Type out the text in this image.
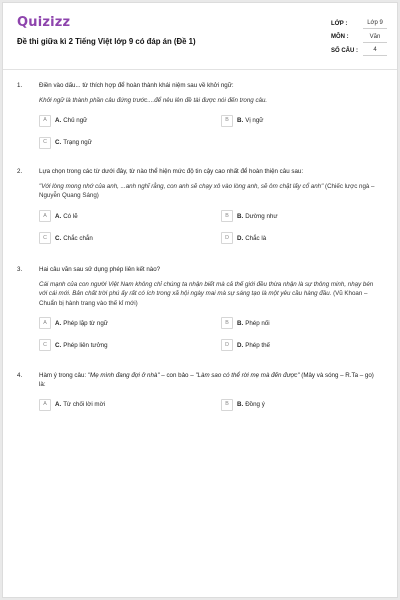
Quizizz
Đề thi giữa kì 2 Tiếng Việt lớp 9 có đáp án (Đề 1)
LỚP :	Lớp 9
MÔN :	Văn
SỐ CÂU :	4
1.	Điền vào dấu... từ thích hợp để hoàn thành khái niệm sau về khởi ngữ:
Khởi ngữ là thành phần câu đứng trước....để nêu lên đề tài được nói đến trong câu.
A	A. Chủ ngữ	B	B. Vị ngữ
C	C. Trạng ngữ
2.	Lựa chọn trong các từ dưới đây, từ nào thể hiện mức độ tin cậy cao nhất để hoàn thiện câu sau:
"Với lòng mong nhớ của anh, ...anh nghĩ rằng, con anh sẽ chạy xô vào lòng anh, sẽ ôm chặt lấy cổ anh" (Chiếc lược ngà – Nguyễn Quang Sáng)
A	A. Có lẽ	B	B. Dường như
C	C. Chắc chắn	D	D. Chắc là
3.	Hai câu văn sau sử dụng phép liên kết nào?
Cái mạnh của con người Việt Nam không chỉ chúng ta nhận biết mà cả thế giới đều thừa nhận là sự thông minh, nhạy bén với cái mới. Bản chất trời phú ấy rất có ích trong xã hội ngày mai mà sự sáng tạo là một yêu cầu hàng đầu. (Vũ Khoan – Chuẩn bị hành trang vào thế kỉ mới)
A	A. Phép lặp từ ngữ	B	B. Phép nối
C	C. Phép liên tưởng	D	D. Phép thế
4.	Hàm ý trong câu: "Mẹ mình đang đợi ở nhà" – con bảo – "Làm sao có thể rời mẹ mà đến được" (Mây và sóng – R.Ta – go) là:
A	A. Từ chối lời mời	B	B. Đồng ý
